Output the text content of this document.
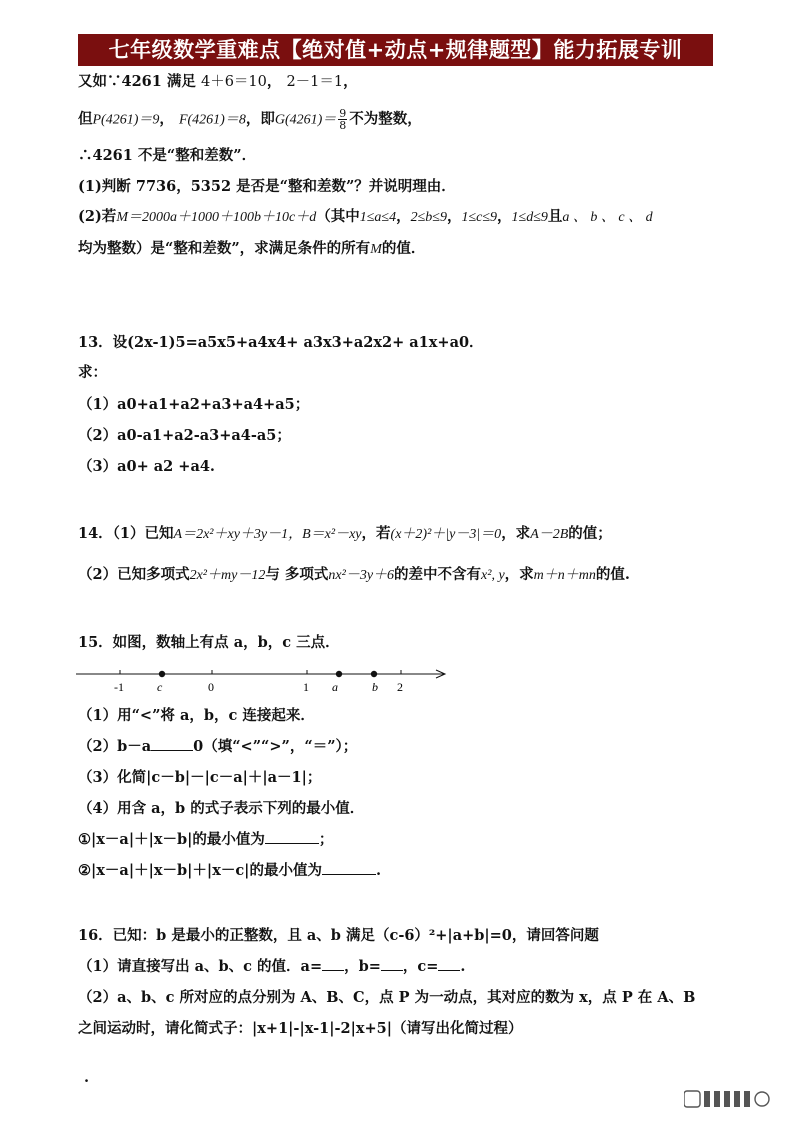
七年级数学重难点【绝对值+动点+规律题型】能力拓展专训
又如∵4261 满足 4＋6＝10， 2－1＝1，
但P(4261)＝9， F(4261)＝8，即$G(4261)= \frac{9}{8}$ 不为整数，
∴4261 不是“整和差数”．
(1)判断 7736，5352 是否是“整和差数”？并说明理由．
(2)若M＝2000a＋1000＋100b＋10c＋d（其中1≤a≤4，2≤b≤9，1≤c≤9，1≤d≤9且a 、 b 、 c 、 d
均为整数）是“整和差数”，求满足条件的所有M的值．
13．设(2x-1)5=a5x5+a4x4+ a3x3+a2x2+ a1x+a0．
求：
（1）a0+a1+a2+a3+a4+a5；
（2）a0-a1+a2-a3+a4-a5；
（3）a0+ a2 +a4.
14．（1）已知A＝2x²＋xy＋3y－1，B＝x²－xy，若(x＋2)²＋|y－3|＝0，求A－2B的值；
（2）已知多项式2x²＋my－12与 多项式nx²－3y＋6的差中不含有x², y，求m＋n＋mn的值.
15．如图，数轴上有点 a，b，c 三点．
-1	c	0	1 a	b 2
（1）用“<”将 a，b，c 连接起来．
（2）b－a	0（填“<”“>”，“＝”）；
（3）化简|c－b|－|c－a|＋|a－1|；
（4）用含 a，b 的式子表示下列的最小值．
①|x－a|＋|x－b|的最小值为	；
②|x－a|＋|x－b|＋|x－c|的最小值为	.
16．已知：b 是最小的正整数，且 a、b 满足（c-6）²+|a+b|=0，请回答问题
（1）请直接写出 a、b、c 的值．a= ，b= ，c= .
（2）a、b、c 所对应的点分别为 A、B、C，点 P 为一动点，其对应的数为 x，点 P 在 A、B
之间运动时，请化简式子：|x+1|-|x-1|-2|x+5|（请写出化简过程）
·
